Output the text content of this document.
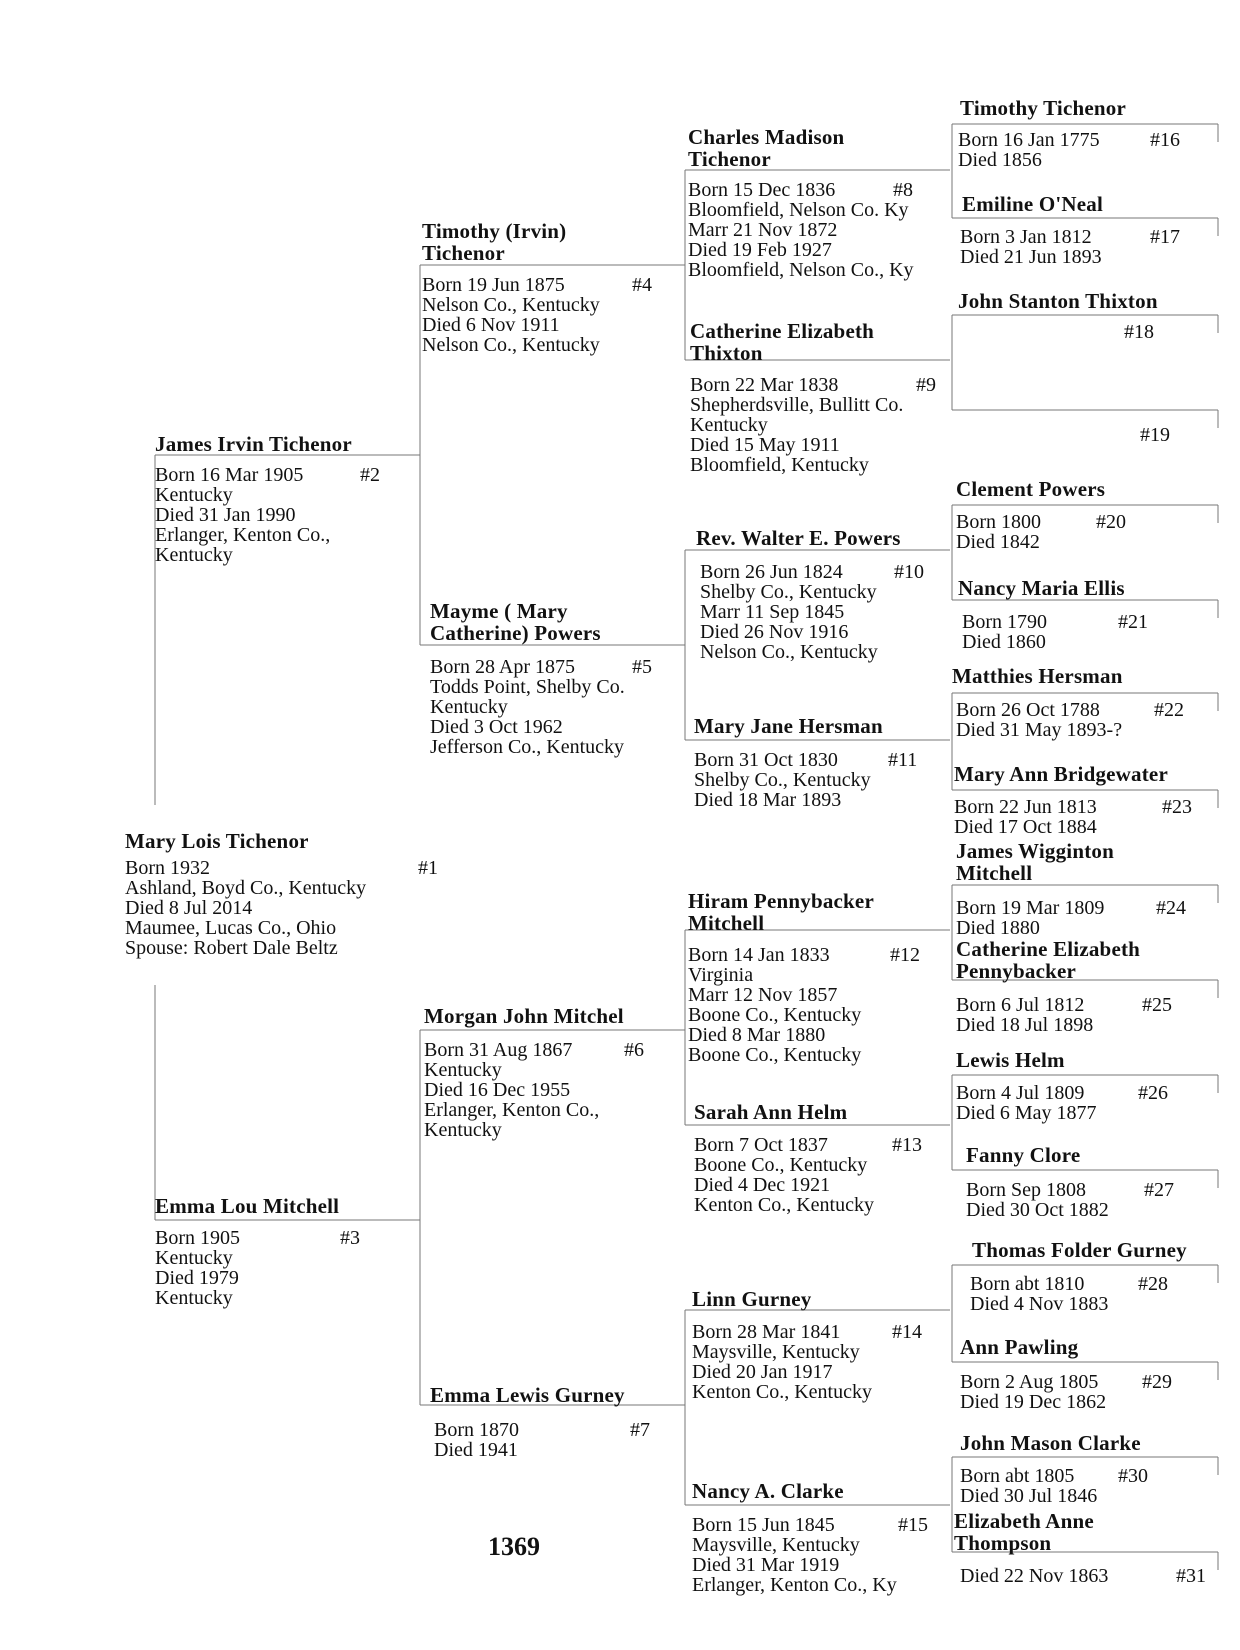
Mary Lois Tichenor
#1
Born 1932
Ashland, Boyd Co., Kentucky
Died 8 Jul 2014
Maumee, Lucas Co., Ohio
Spouse: Robert Dale Beltz
James Irvin Tichenor
#2
Born 16 Mar 1905
Kentucky
Died 31 Jan 1990
Erlanger, Kenton Co.,
Kentucky
Emma Lou Mitchell
#3
Born 1905
Kentucky
Died 1979
Kentucky
Timothy (Irvin) Tichenor
#4
Born 19 Jun 1875
Nelson Co., Kentucky
Died 6 Nov 1911
Nelson Co., Kentucky
Mayme ( Mary Catherine) Powers
#5
Born 28 Apr 1875
Todds Point, Shelby Co.
Kentucky
Died 3 Oct 1962
Jefferson Co., Kentucky
Morgan John Mitchel
#6
Born 31 Aug 1867
Kentucky
Died 16 Dec 1955
Erlanger, Kenton Co.,
Kentucky
Emma Lewis Gurney
#7
Born 1870
Died 1941
Charles Madison Tichenor
#8
Born 15 Dec 1836
Bloomfield, Nelson Co. Ky
Marr 21 Nov 1872
Died 19 Feb 1927
Bloomfield, Nelson Co., Ky
Catherine Elizabeth Thixton
#9
Born 22 Mar 1838
Shepherdsville, Bullitt Co.
Kentucky
Died 15 May 1911
Bloomfield, Kentucky
Rev. Walter E. Powers
#10
Born 26 Jun 1824
Shelby Co., Kentucky
Marr 11 Sep 1845
Died 26 Nov 1916
Nelson Co., Kentucky
Mary Jane Hersman
#11
Born 31 Oct 1830
Shelby Co., Kentucky
Died 18 Mar 1893
Hiram Pennybacker Mitchell
#12
Born 14 Jan 1833
Virginia
Marr 12 Nov 1857
Boone Co., Kentucky
Died 8 Mar 1880
Boone Co., Kentucky
Sarah Ann Helm
#13
Born 7 Oct 1837
Boone Co., Kentucky
Died 4 Dec 1921
Kenton Co., Kentucky
Linn Gurney
#14
Born 28 Mar 1841
Maysville, Kentucky
Died 20 Jan 1917
Kenton Co., Kentucky
Nancy A. Clarke
#15
Born 15 Jun 1845
Maysville, Kentucky
Died 31 Mar 1919
Erlanger, Kenton Co., Ky
Timothy Tichenor
#16
Born 16 Jan 1775
Died 1856
Emiline O'Neal
#17
Born 3 Jan 1812
Died 21 Jun 1893
John Stanton Thixton
#18
#19
Clement Powers
#20
Born 1800
Died 1842
Nancy Maria Ellis
#21
Born 1790
Died 1860
Matthies Hersman
#22
Born 26 Oct 1788
Died 31 May 1893-?
Mary Ann Bridgewater
#23
Born 22 Jun 1813
Died 17 Oct 1884
James Wigginton Mitchell
#24
Born 19 Mar 1809
Died 1880
Catherine Elizabeth Pennybacker
#25
Born 6 Jul 1812
Died 18 Jul 1898
Lewis Helm
#26
Born 4 Jul 1809
Died 6 May 1877
Fanny Clore
#27
Born Sep 1808
Died 30 Oct 1882
Thomas Folder Gurney
#28
Born abt 1810
Died 4 Nov 1883
Ann Pawling
#29
Born 2 Aug 1805
Died 19 Dec 1862
John Mason Clarke
#30
Born abt 1805
Died 30 Jul 1846
Elizabeth Anne Thompson
#31
Died 22 Nov 1863
1369
